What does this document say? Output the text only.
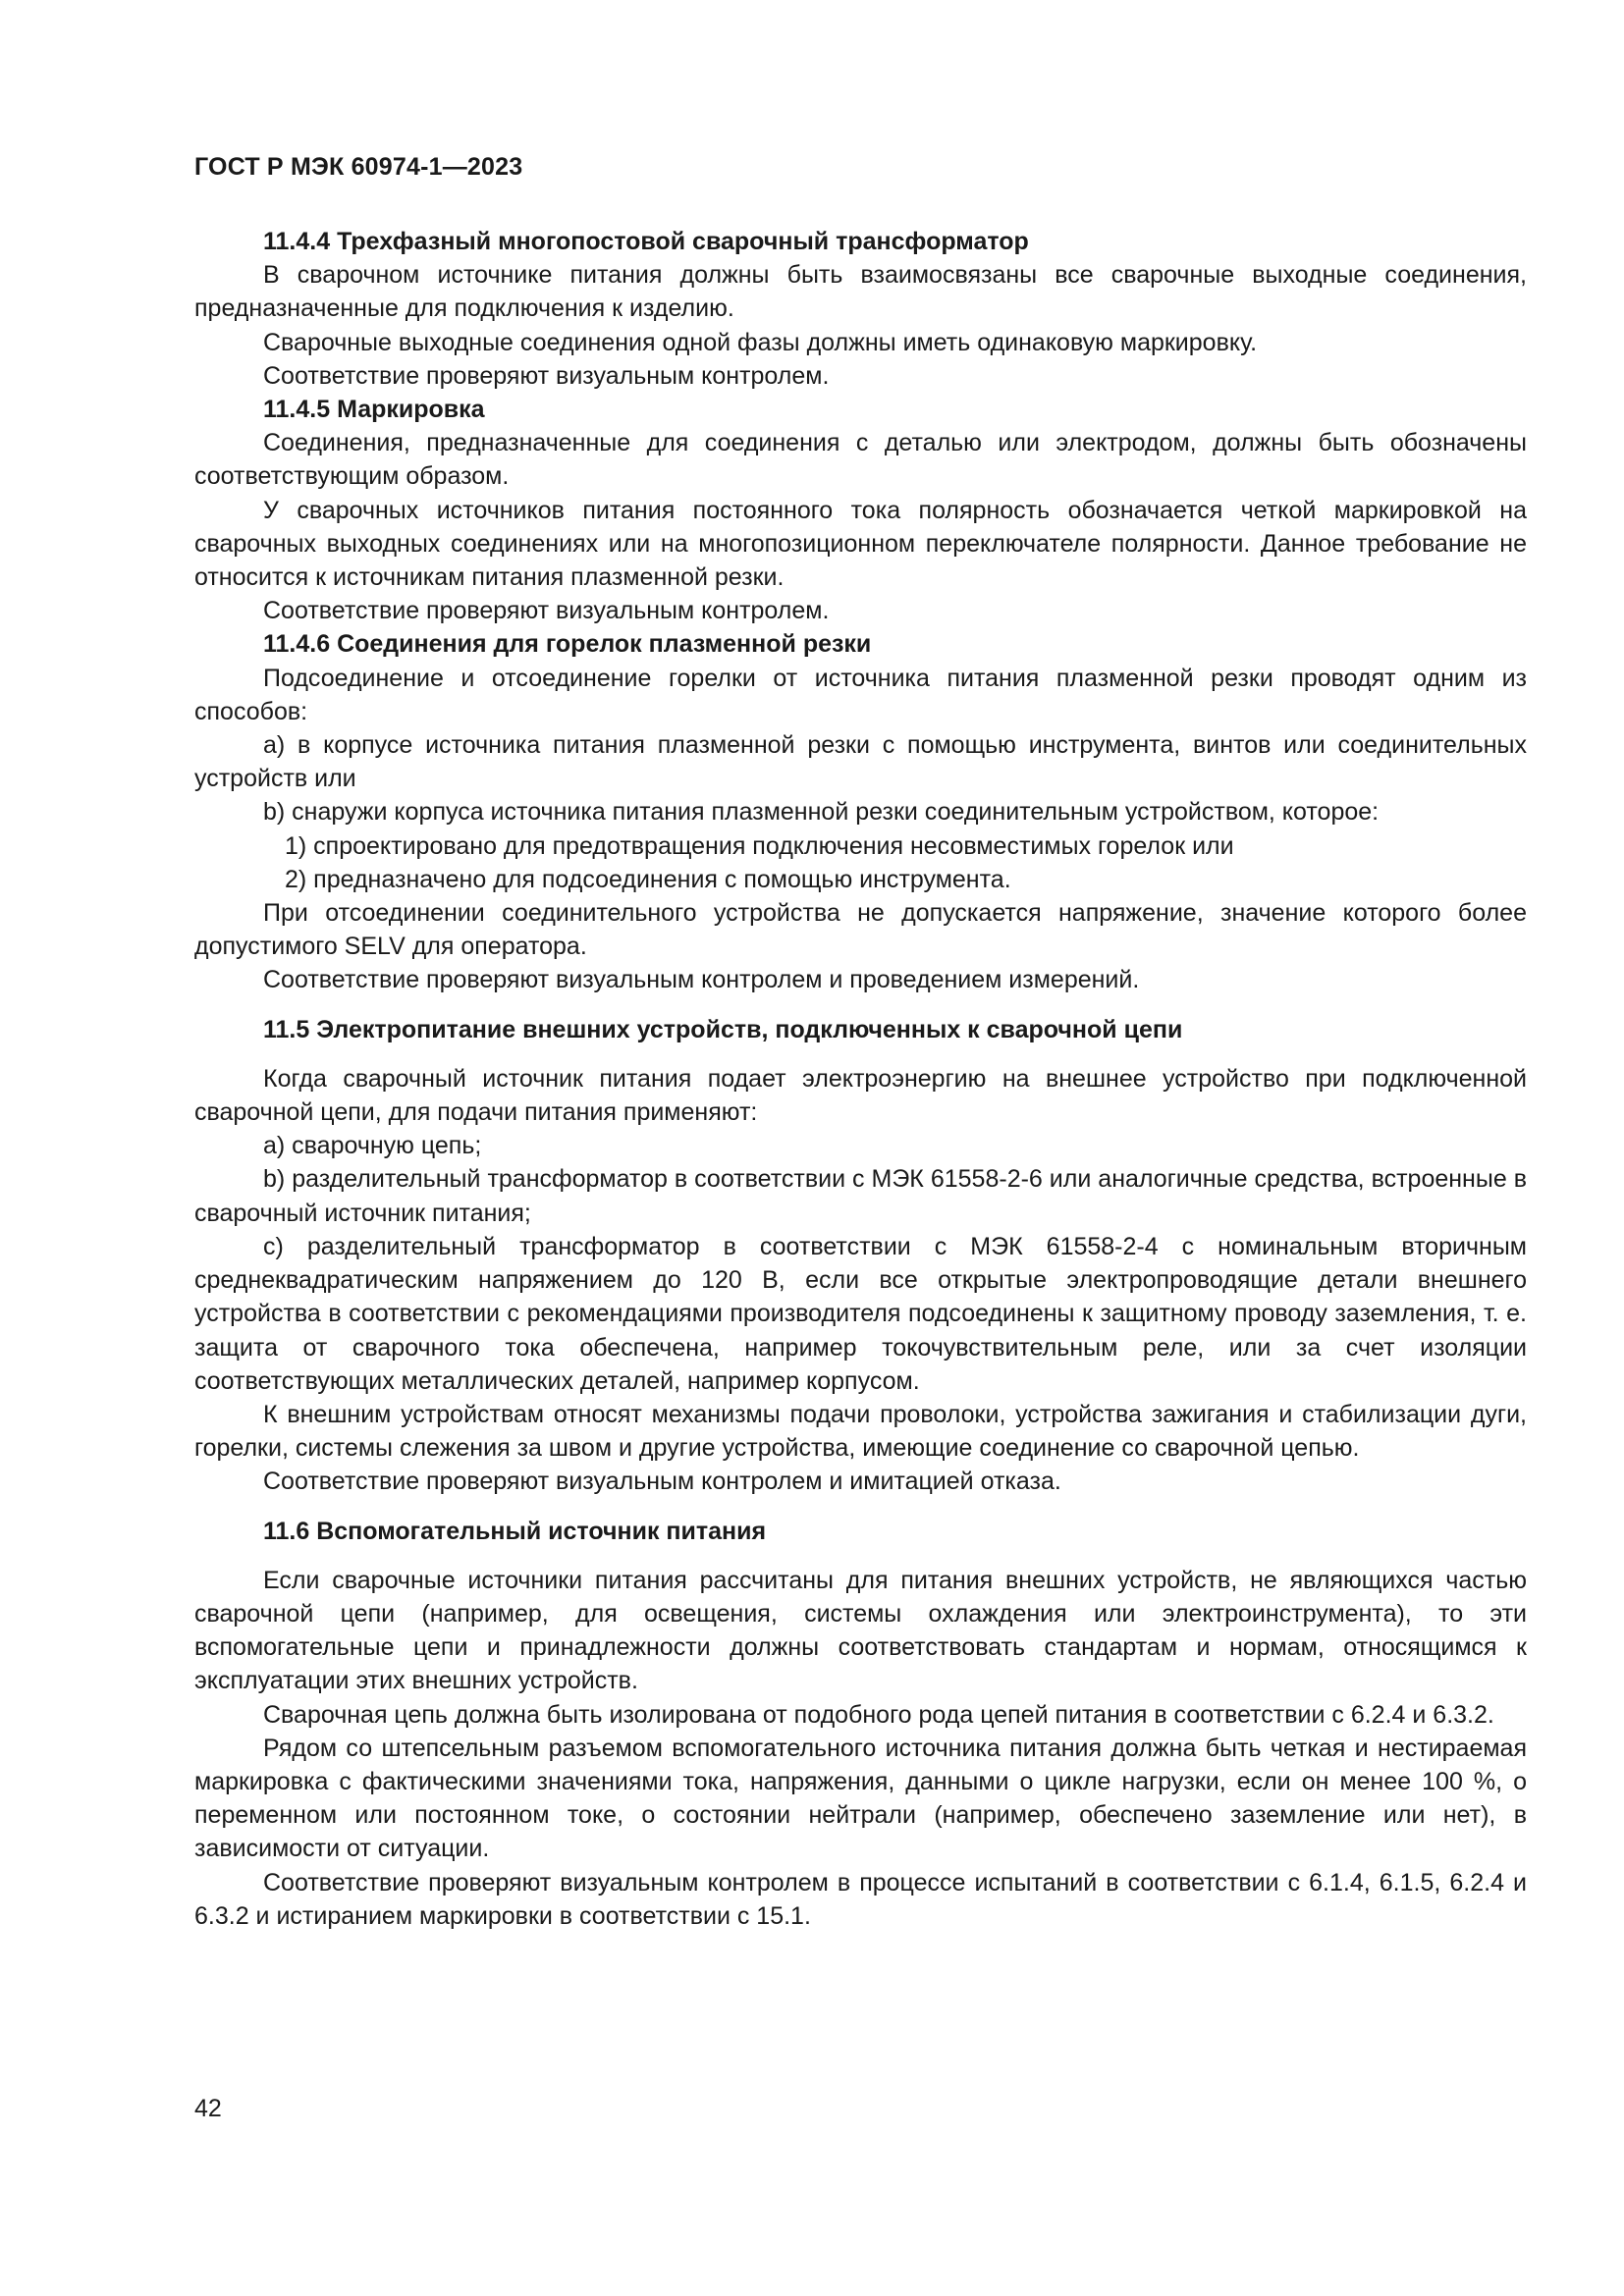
ГОСТ Р МЭК 60974-1—2023
11.4.4 Трехфазный многопостовой сварочный трансформатор

В сварочном источнике питания должны быть взаимосвязаны все сварочные выходные соединения, предназначенные для подключения к изделию.

Сварочные выходные соединения одной фазы должны иметь одинаковую маркировку.

Соответствие проверяют визуальным контролем.

11.4.5 Маркировка

Соединения, предназначенные для соединения с деталью или электродом, должны быть обозначены соответствующим образом.

У сварочных источников питания постоянного тока полярность обозначается четкой маркировкой на сварочных выходных соединениях или на многопозиционном переключателе полярности. Данное требование не относится к источникам питания плазменной резки.

Соответствие проверяют визуальным контролем.

11.4.6 Соединения для горелок плазменной резки

Подсоединение и отсоединение горелки от источника питания плазменной резки проводят одним из способов:

a) в корпусе источника питания плазменной резки с помощью инструмента, винтов или соединительных устройств или

b) снаружи корпуса источника питания плазменной резки соединительным устройством, которое:

1) спроектировано для предотвращения подключения несовместимых горелок или

2) предназначено для подсоединения с помощью инструмента.

При отсоединении соединительного устройства не допускается напряжение, значение которого более допустимого SELV для оператора.

Соответствие проверяют визуальным контролем и проведением измерений.

11.5 Электропитание внешних устройств, подключенных к сварочной цепи

Когда сварочный источник питания подает электроэнергию на внешнее устройство при подключенной сварочной цепи, для подачи питания применяют:

a) сварочную цепь;

b) разделительный трансформатор в соответствии с МЭК 61558-2-6 или аналогичные средства, встроенные в сварочный источник питания;

c) разделительный трансформатор в соответствии с МЭК 61558-2-4 с номинальным вторичным среднеквадратическим напряжением до 120 В, если все открытые электропроводящие детали внешнего устройства в соответствии с рекомендациями производителя подсоединены к защитному проводу заземления, т. е. защита от сварочного тока обеспечена, например токочувствительным реле, или за счет изоляции соответствующих металлических деталей, например корпусом.

К внешним устройствам относят механизмы подачи проволоки, устройства зажигания и стабилизации дуги, горелки, системы слежения за швом и другие устройства, имеющие соединение со сварочной цепью.

Соответствие проверяют визуальным контролем и имитацией отказа.

11.6 Вспомогательный источник питания

Если сварочные источники питания рассчитаны для питания внешних устройств, не являющихся частью сварочной цепи (например, для освещения, системы охлаждения или электроинструмента), то эти вспомогательные цепи и принадлежности должны соответствовать стандартам и нормам, относящимся к эксплуатации этих внешних устройств.

Сварочная цепь должна быть изолирована от подобного рода цепей питания в соответствии с 6.2.4 и 6.3.2.

Рядом со штепсельным разъемом вспомогательного источника питания должна быть четкая и нестираемая маркировка с фактическими значениями тока, напряжения, данными о цикле нагрузки, если он менее 100 %, о переменном или постоянном токе, о состоянии нейтрали (например, обеспечено заземление или нет), в зависимости от ситуации.

Соответствие проверяют визуальным контролем в процессе испытаний в соответствии с 6.1.4, 6.1.5, 6.2.4 и 6.3.2 и истиранием маркировки в соответствии с 15.1.

42
